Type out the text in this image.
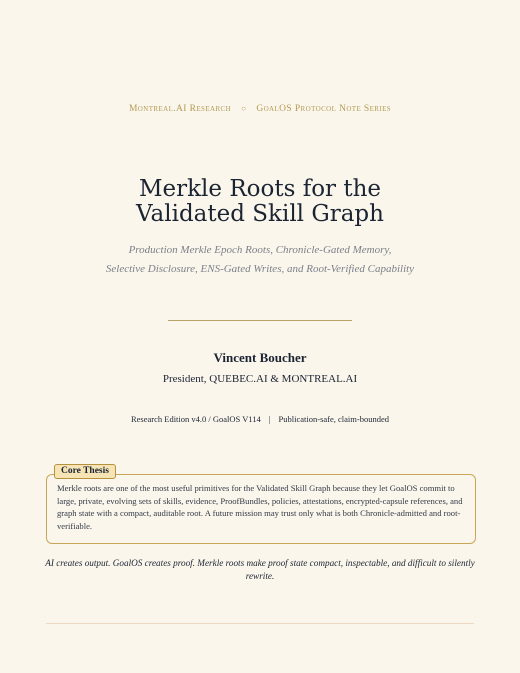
Montreal.AI Research ○ GoalOS Protocol Note Series
Merkle Roots for the
Validated Skill Graph
Production Merkle Epoch Roots, Chronicle-Gated Memory,
Selective Disclosure, ENS-Gated Writes, and Root-Verified Capability
Vincent Boucher
President, QUEBEC.AI & MONTREAL.AI
Research Edition v4.0 / GoalOS V114 | Publication-safe, claim-bounded

Merkle roots are one of the most useful primitives for the Validated Skill Graph because they let GoalOS commit to large, private, evolving sets of skills, evidence, ProofBundles, policies, attestations, encrypted-capsule references, and graph state with a compact, auditable root. A future mission may trust only what is both Chronicle-admitted and root-verifiable.

Core Thesis
AI creates output. GoalOS creates proof. Merkle roots make proof state compact, inspectable, and difficult to silently rewrite.
